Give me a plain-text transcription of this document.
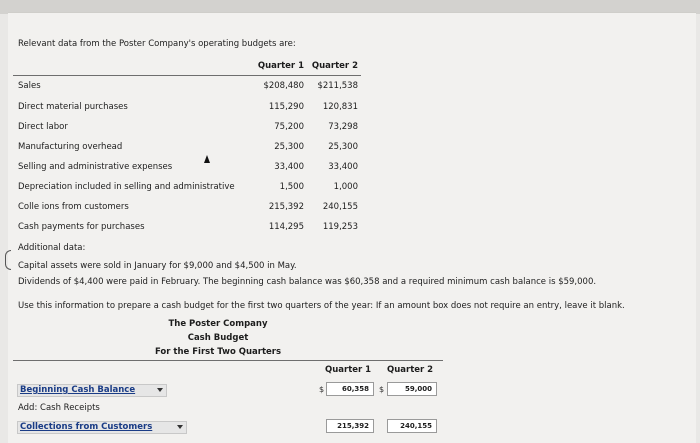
Relevant data from the Poster Company's operating budgets are:
Quarter 1 Quarter 2
Sales	$208,480	$211,538
Direct material purchases	115,290	120,831
Direct labor	75,200	73,298
Manufacturing overhead	25,300	25,300
Selling and administrative expenses	33,400	33,400
Depreciation included in selling and administrative	1,500	1,000
Colle ions from customers	215,392	240,155
Cash payments for purchases	114,295	119,253
Additional data:
Capital assets were sold in January for $9,000 and $4,500 in May.
Dividends of $4,400 were paid in February. The beginning cash balance was $60,358 and a required minimum cash balance is $59,000.
Use this information to prepare a cash budget for the first two quarters of the year: If an amount box does not require an entry, leave it blank.
The Poster Company
Cash Budget
For the First Two Quarters
Quarter 1 Quarter 2
Beginning Cash Balance	$	60,358	$	59,000
Add: Cash Receipts
Collections from Customers	215,392	240,155
